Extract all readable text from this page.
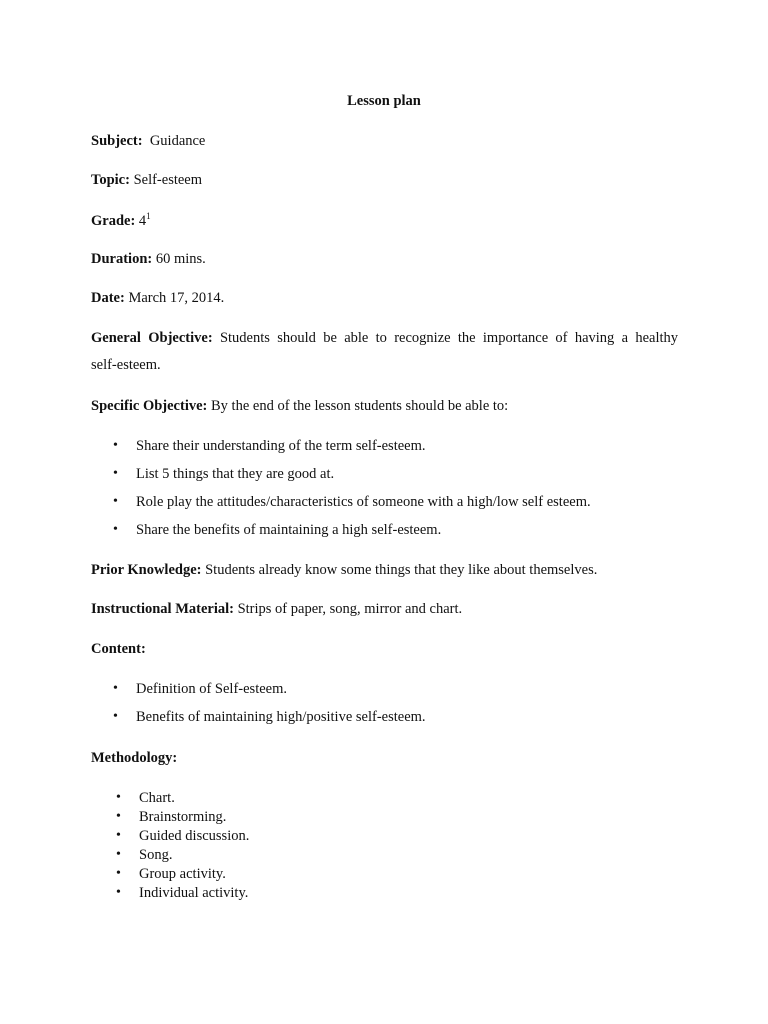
Lesson plan
Subject: Guidance
Topic: Self-esteem
Grade: $4^1$
Duration: 60 mins.
Date: March 17, 2014.
General Objective: Students should be able to recognize the importance of having a healthy
self-esteem.
Specific Objective: By the end of the lesson students should be able to:
• Share their understanding of the term self-esteem.
• List 5 things that they are good at.
• Role play the attitudes/characteristics of someone with a high/low self esteem.
• Share the benefits of maintaining a high self-esteem.
Prior Knowledge: Students already know some things that they like about themselves.
Instructional Material: Strips of paper, song, mirror and chart.
Content:
• Definition of Self-esteem.
• Benefits of maintaining high/positive self-esteem.
Methodology:
• Chart.
• Brainstorming.
• Guided discussion.
• Song.
• Group activity.
• Individual activity.
